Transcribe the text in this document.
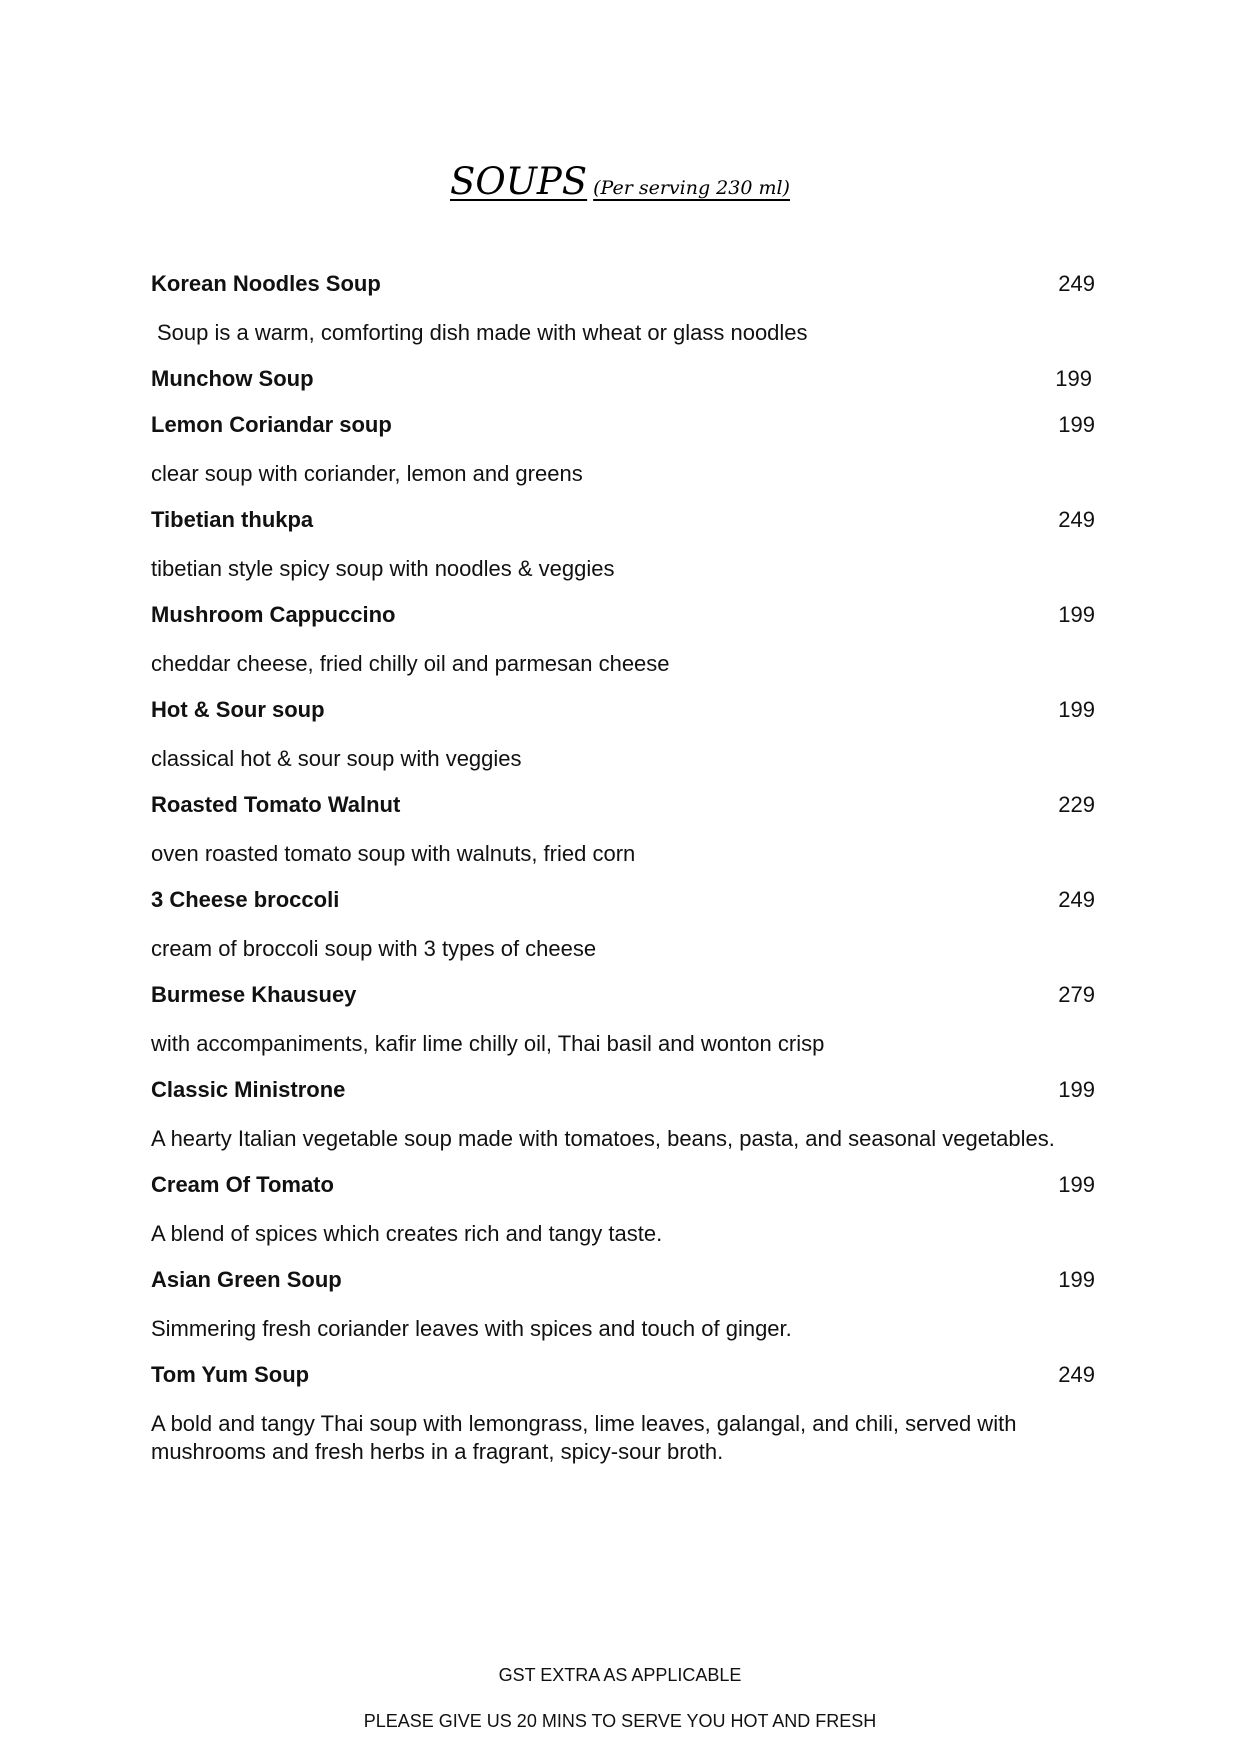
SOUPS (Per serving 230 ml)
Korean Noodles Soup	249
Soup is a warm, comforting dish made with wheat or glass noodles
Munchow Soup	199
Lemon Coriandar soup	199
clear soup with coriander, lemon and greens
Tibetian thukpa	249
tibetian style spicy soup with noodles & veggies
Mushroom Cappuccino	199
cheddar cheese, fried chilly oil and parmesan cheese
Hot & Sour soup	199
classical hot & sour soup with veggies
Roasted Tomato Walnut	229
oven roasted tomato soup with walnuts, fried corn
3 Cheese broccoli	249
cream of broccoli soup with 3 types of cheese
Burmese Khausuey	279
with accompaniments, kafir lime chilly oil, Thai basil and wonton crisp
Classic Ministrone	199
A hearty Italian vegetable soup made with tomatoes, beans, pasta, and seasonal vegetables.
Cream Of Tomato	199
A blend of spices which creates rich and tangy taste.
Asian Green Soup	199
Simmering fresh coriander leaves with spices and touch of ginger.
Tom Yum Soup	249
A bold and tangy Thai soup with lemongrass, lime leaves, galangal, and chili, served with mushrooms and fresh herbs in a fragrant, spicy-sour broth.
GST EXTRA AS APPLICABLE
PLEASE GIVE US 20 MINS TO SERVE YOU HOT AND FRESH
